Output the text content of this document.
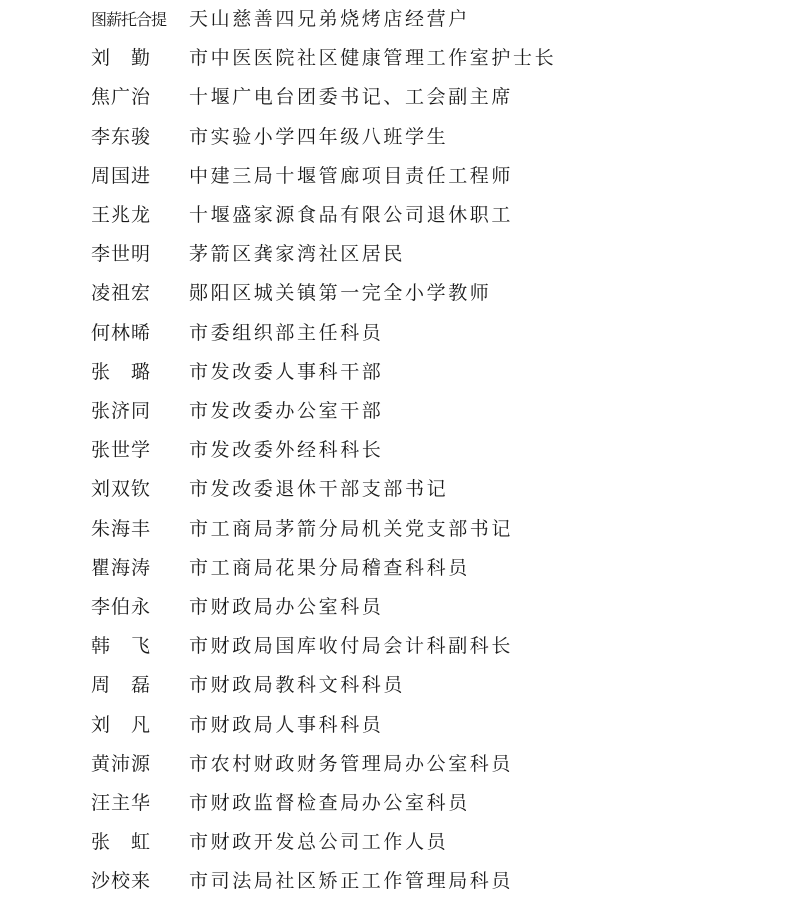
图薪托合提 天山慈善四兄弟烧烤店经营户
刘　勤	市中医医院社区健康管理工作室护士长
焦广治	十堰广电台团委书记、工会副主席
李东骏	市实验小学四年级八班学生
周国进	中建三局十堰管廊项目责任工程师
王兆龙	十堰盛家源食品有限公司退休职工
李世明	茅箭区龚家湾社区居民
凌祖宏	郧阳区城关镇第一完全小学教师
何林晞	市委组织部主任科员
张　璐	市发改委人事科干部
张济同	市发改委办公室干部
张世学	市发改委外经科科长
刘双钦	市发改委退休干部支部书记
朱海丰	市工商局茅箭分局机关党支部书记
瞿海涛	市工商局花果分局稽查科科员
李伯永	市财政局办公室科员
韩　飞	市财政局国库收付局会计科副科长
周　磊	市财政局教科文科科员
刘　凡	市财政局人事科科员
黄沛源	市农村财政财务管理局办公室科员
汪主华	市财政监督检查局办公室科员
张　虹	市财政开发总公司工作人员
沙校来	市司法局社区矫正工作管理局科员
